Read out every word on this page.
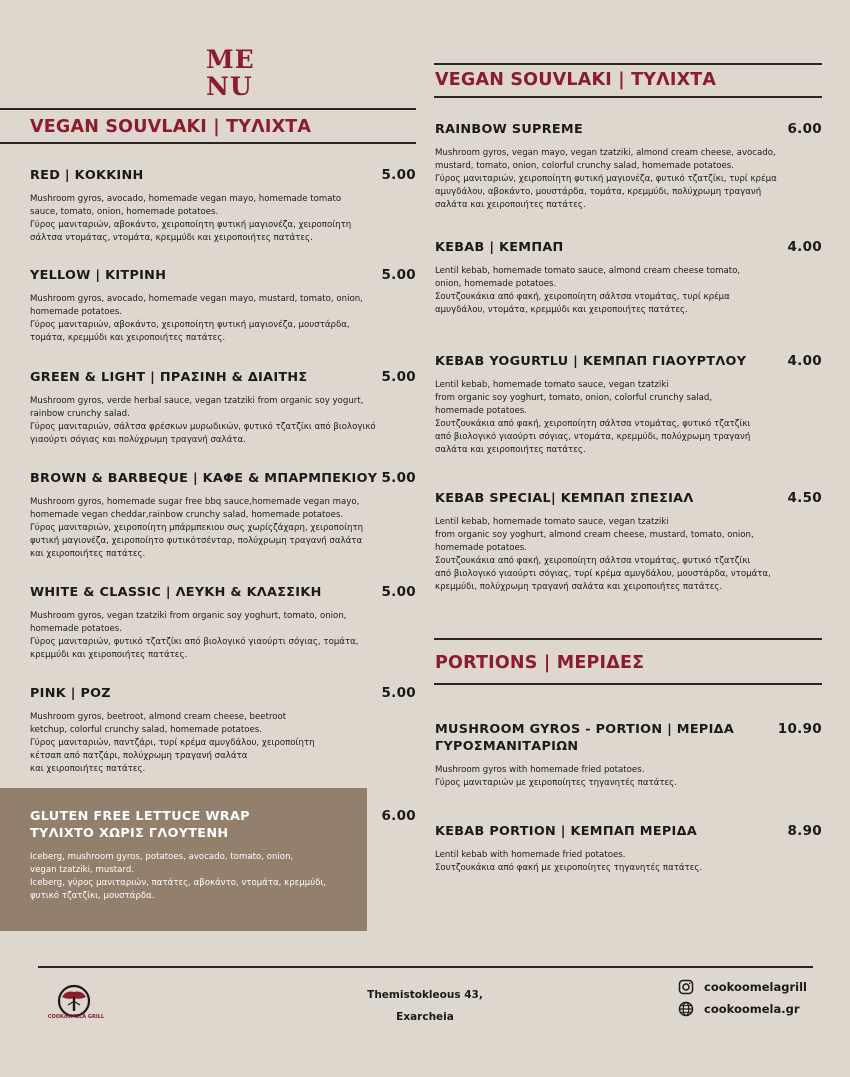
ME
NU
VEGAN SOUVLAKI | ΤΥΛΙΧΤΑ
RED | ΚΟΚΚΙΝΗ	5.00
Mushroom gyros, avocado, homemade vegan mayo, homemade tomato
sauce, tomato, onion, homemade potatoes.
Γύρος μανιταριών, αβοκάντο, χειροποίητη φυτική μαγιονέζα, χειροποίητη
σάλτσα ντομάτας, ντομάτα, κρεμμύδι και χειροποιήτες πατάτες.
YELLOW | ΚΙΤΡΙΝΗ	5.00
Mushroom gyros, avocado, homemade vegan mayo, mustard, tomato, onion,
homemade potatoes.
Γύρος μανιταριών, αβοκάντο, χειροποίητη φυτική μαγιονέζα, μουστάρδα,
τομάτα, κρεμμύδι και χειροποιήτες πατάτες.
GREEN & LIGHT | ΠΡΑΣΙΝΗ & ΔΙΑΙΤΗΣ	5.00
Mushroom gyros, verde herbal sauce, vegan tzatziki from organic soy yogurt,
rainbow crunchy salad.
Γύρος μανιταριών, σάλτσα φρέσκων μυρωδικών, φυτικό τζατζίκι από βιολογικό
γιαούρτι σόγιας και πολύχρωμη τραγανή σαλάτα.
BROWN & BARBEQUE | ΚΑΦΕ & ΜΠΑΡΜΠΕΚΙΟΥ 5.00
Mushroom gyros, homemade sugar free bbq sauce,homemade vegan mayo,
homemade vegan cheddar,rainbow crunchy salad, homemade potatoes.
Γύρος μανιταριών, χειροποίητη μπάρμπεκιου σως χωρίςζάχαρη, χειροποίητη
φυτική μαγιονέζα, χειροποίητο φυτικότσένταρ, πολύχρωμη τραγανή σαλάτα
και χειροποιήτες πατάτες.
WHITE & CLASSIC | ΛΕΥΚΗ & ΚΛΑΣΣΙΚΗ	5.00
Mushroom gyros, vegan tzatziki from organic soy yoghurt, tomato, onion,
homemade potatoes.
Γύρος μανιταριών, φυτικό τζατζίκι από βιολογικό γιαούρτι σόγιας, τομάτα,
κρεμμύδι και χειροποιήτες πατάτες.
PINK | ΡΟΖ	5.00
Mushroom gyros, beetroot, almond cream cheese, beetroot
ketchup, colorful crunchy salad, homemade potatoes.
Γύρος μανιταριών, παντζάρι, τυρί κρέμα αμυγδάλου, χειροποίητη
κέτσαπ από πατζάρι, πολύχρωμη τραγανή σαλάτα
και χειροποιήτες πατάτες.
GLUTEN FREE LETTUCE WRAP
ΤΥΛΙΧΤΟ ΧΩΡΙΣ ΓΛΟΥΤΕΝΗ
6.00
Iceberg, mushroom gyros, potatoes, avocado, tomato, onion,
vegan tzatziki, mustard.
Iceberg, γύρος μανιταριών, πατάτες, αβοκάντο, ντομάτα, κρεμμύδι,
φυτικό τζατζίκι, μουστάρδα.
VEGAN SOUVLAKI | ΤΥΛΙΧΤΑ
RAINBOW SUPREME	6.00
Mushroom gyros, vegan mayo, vegan tzatziki, almond cream cheese, avocado,
mustard, tomato, onion, colorful crunchy salad, homemade potatoes.
Γύρος μανιταριών, χειροποίητη φυτική μαγιονέζα, φυτικό τζατζίκι, τυρί κρέμα
αμυγδάλου, αβοκάντο, μουστάρδα, τομάτα, κρεμμύδι, πολύχρωμη τραγανή
σαλάτα και χειροποιήτες πατάτες.
KEBAB | ΚΕΜΠΑΠ	4.00
Lentil kebab, homemade tomato sauce, almond cream cheese tomato,
onion, homemade potatoes.
Σουτζουκάκια από φακή, χειροποίητη σάλτσα ντομάτας, τυρί κρέμα
αμυγδάλου, ντομάτα, κρεμμύδι και χειροποιήτες πατάτες.
KEBAB YOGURTLU | ΚΕΜΠΑΠ ΓΙΑΟΥΡΤΛΟΥ	4.00
Lentil kebab, homemade tomato sauce, vegan tzatziki
from organic soy yoghurt, tomato, onion, colorful crunchy salad,
homemade potatoes.
Σουτζουκάκια από φακή, χειροποίητη σάλτσα ντομάτας, φυτικό τζατζίκι
από βιολογικό γιαούρτι σόγιας, ντομάτα, κρεμμύδι, πολύχρωμη τραγανή
σαλάτα και χειροποιήτες πατάτες.
KEBAB SPECIAL| ΚΕΜΠΑΠ ΣΠΕΣΙΑΛ	4.50
Lentil kebab, homemade tomato sauce, vegan tzatziki
from organic soy yoghurt, almond cream cheese, mustard, tomato, onion,
homemade potatoes.
Σουτζουκάκια από φακή, χειροποίητη σάλτσα ντομάτας, φυτικό τζατζίκι
από βιολογικό γιαούρτι σόγιας, τυρί κρέμα αμυγδάλου, μουστάρδα, ντομάτα,
κρεμμύδι, πολύχρωμη τραγανή σαλάτα και χειροποιήτες πατάτες.
PORTIONS | ΜΕΡΙΔΕΣ
MUSHROOM GYROS - PORTION | ΜΕΡΙΔΑ
ΓΥΡΟΣΜΑΝΙΤΑΡΙΩΝ
10.90
Mushroom gyros with homemade fried potatoes.
Γύρος μανιταριών με χειροποίητες τηγανητές πατάτες.
KEBAB PORTION | ΚΕΜΠΑΠ ΜΕΡΙΔΑ	8.90
Lentil kebab with homemade fried potatoes.
Σουτζουκάκια από φακή με χειροποίητες τηγανητές πατάτες.
COOKooMELA GRILL
Themistokleous 43,
Exarcheia
cookoomelagrill
cookoomela.gr
